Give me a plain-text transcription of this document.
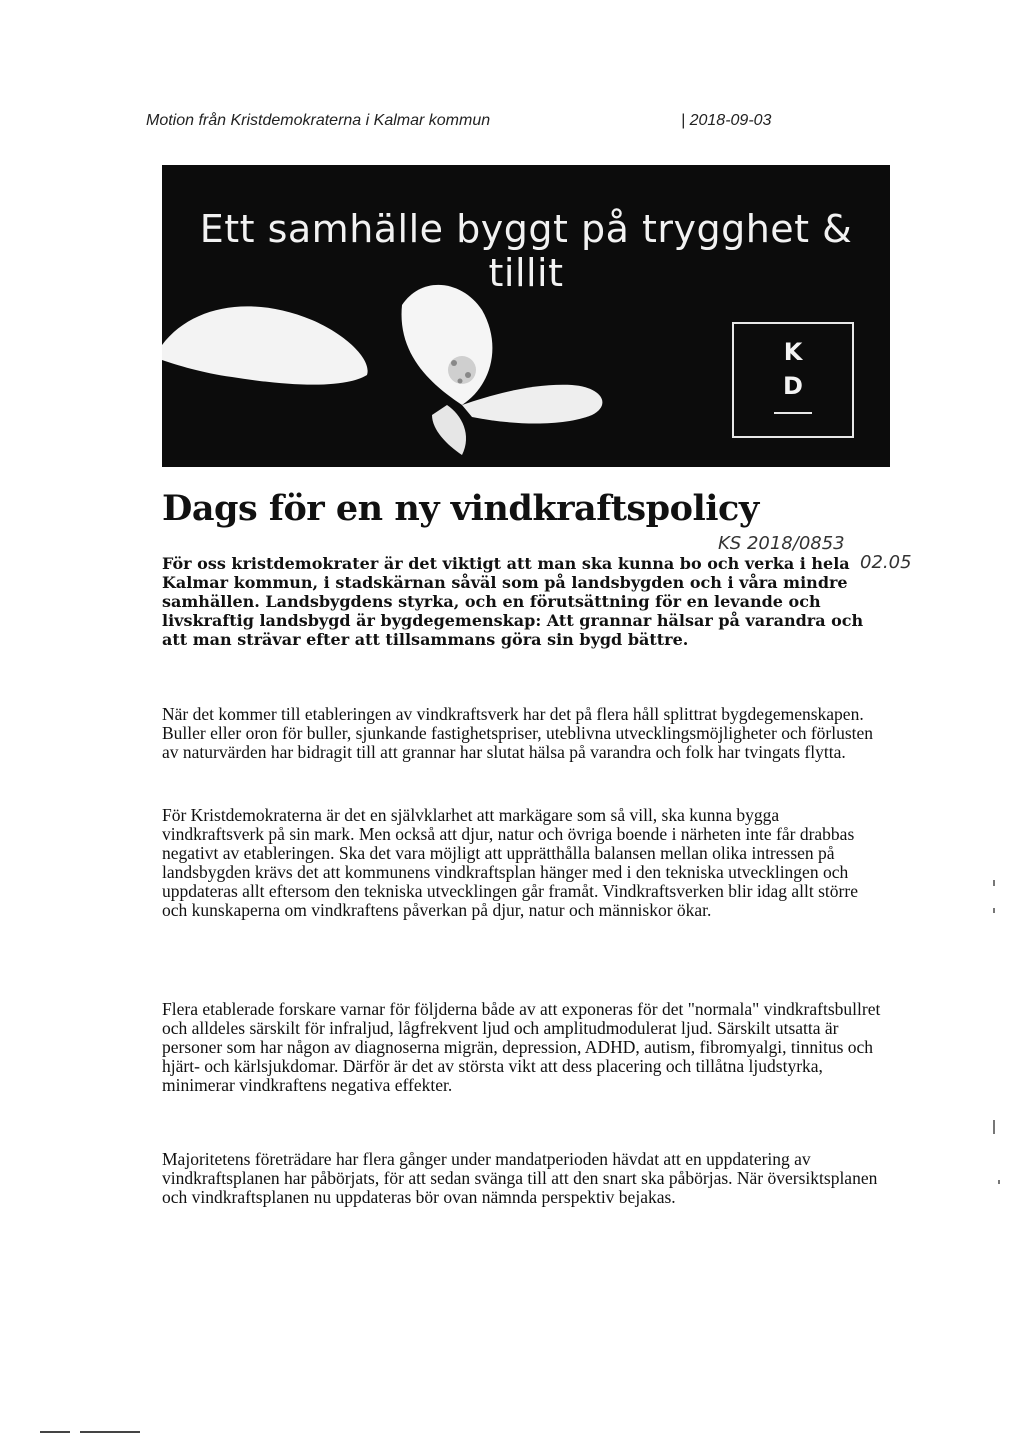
Motion från Kristdemokraterna i Kalmar kommun	| 2018-09-03
Ett samhälle byggt på trygghet & tillit
K
D
Dags för en ny vindkraftspolicy
KS 2018/0853
02.05
För oss kristdemokrater är det viktigt att man ska kunna bo och verka i hela Kalmar kommun, i stadskärnan såväl som på landsbygden och i våra mindre samhällen. Landsbygdens styrka, och en förutsättning för en levande och livskraftig landsbygd är bygdegemenskap: Att grannar hälsar på varandra och att man strävar efter att tillsammans göra sin bygd bättre.
När det kommer till etableringen av vindkraftsverk har det på flera håll splittrat bygdegemenskapen. Buller eller oron för buller, sjunkande fastighetspriser, uteblivna utvecklingsmöjligheter och förlusten av naturvärden har bidragit till att grannar har slutat hälsa på varandra och folk har tvingats flytta.
För Kristdemokraterna är det en självklarhet att markägare som så vill, ska kunna bygga vindkraftsverk på sin mark. Men också att djur, natur och övriga boende i närheten inte får drabbas negativt av etableringen. Ska det vara möjligt att upprätthålla balansen mellan olika intressen på landsbygden krävs det att kommunens vindkraftsplan hänger med i den tekniska utvecklingen och uppdateras allt eftersom den tekniska utvecklingen går framåt. Vindkraftsverken blir idag allt större och kunskaperna om vindkraftens påverkan på djur, natur och människor ökar.
Flera etablerade forskare varnar för följderna både av att exponeras för det "normala" vindkraftsbullret och alldeles särskilt för infraljud, lågfrekvent ljud och amplitudmodulerat ljud. Särskilt utsatta är personer som har någon av diagnoserna migrän, depression, ADHD, autism, fibromyalgi, tinnitus och hjärt- och kärlsjukdomar. Därför är det av största vikt att dess placering och tillåtna ljudstyrka, minimerar vindkraftens negativa effekter.
Majoritetens företrädare har flera gånger under mandatperioden hävdat att en uppdatering av vindkraftsplanen har påbörjats, för att sedan svänga till att den snart ska påbörjas. När översiktsplanen och vindkraftsplanen nu uppdateras bör ovan nämnda perspektiv bejakas.
